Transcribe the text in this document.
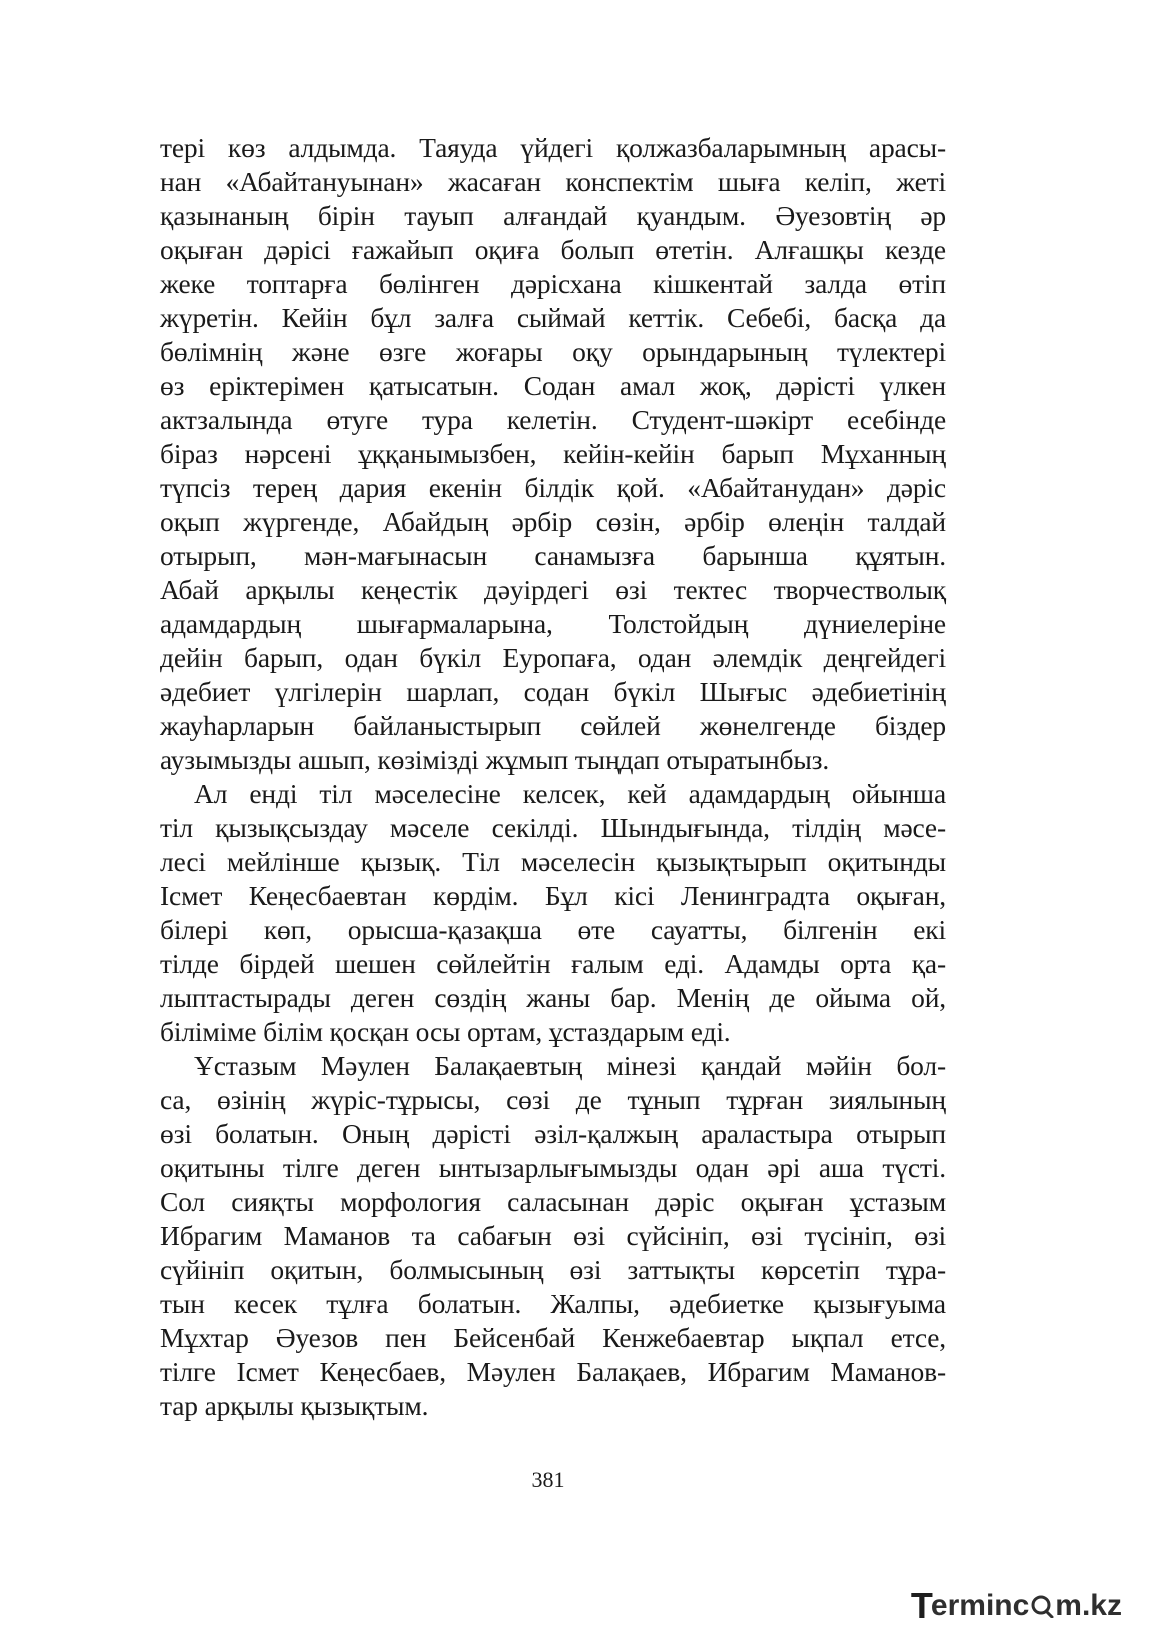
тері көз алдымда. Таяуда үйдегі қолжазбаларымның арасы-
нан «Абайтануынан» жасаған конспектім шыға келіп, жеті
қазынаның бірін тауып алғандай қуандым. Әуезовтің әр
оқыған дәрісі ғажайып оқиға болып өтетін. Алғашқы кезде
жеке топтарға бөлінген дәрісхана кішкентай залда өтіп
жүретін. Кейін бұл залға сыймай кеттік. Себебі, басқа да
бөлімнің және өзге жоғары оқу орындарының түлектері
өз еріктерімен қатысатын. Содан амал жоқ, дәрісті үлкен
актзалында өтуге тура келетін. Студент-шәкірт есебінде
біраз нәрсені ұққанымызбен, кейін-кейін барып Мұханның
түпсіз терең дария екенін білдік қой. «Абайтанудан» дәріс
оқып жүргенде, Абайдың әрбір сөзін, әрбір өлеңін талдай
отырып, мән-мағынасын санамызға барынша құятын.
Абай арқылы кеңестік дәуірдегі өзі тектес творчестволық
адамдардың шығармаларына, Толстойдың дүниелеріне
дейін барып, одан бүкіл Еуропаға, одан әлемдік деңгейдегі
әдебиет үлгілерін шарлап, содан бүкіл Шығыс әдебиетінің
жауһарларын байланыстырып сөйлей жөнелгенде біздер
аузымызды ашып, көзімізді жұмып тыңдап отыратынбыз.
Ал енді тіл мәселесіне келсек, кей адамдардың ойынша
тіл қызықсыздау мәселе секілді. Шындығында, тілдің мәсе-
лесі мейлінше қызық. Тіл мәселесін қызықтырып оқитынды
Ісмет Кеңесбаевтан көрдім. Бұл кісі Ленинградта оқыған,
білері көп, орысша-қазақша өте сауатты, білгенін екі
тілде бірдей шешен сөйлейтін ғалым еді. Адамды орта қа-
лыптастырады деген сөздің жаны бар. Менің де ойыма ой,
біліміме білім қосқан осы ортам, ұстаздарым еді.
Ұстазым Мәулен Балақаевтың мінезі қандай мәйін бол-
са, өзінің жүріс-тұрысы, сөзі де тұнып тұрған зиялының
өзі болатын. Оның дәрісті әзіл-қалжың араластыра отырып
оқитыны тілге деген ынтызарлығымызды одан әрі аша түсті.
Сол сияқты морфология саласынан дәріс оқыған ұстазым
Ибрагим Маманов та сабағын өзі сүйсініп, өзі түсініп, өзі
сүйініп оқитын, болмысының өзі заттықты көрсетіп тұра-
тын кесек тұлға болатын. Жалпы, әдебиетке қызығуыма
Мұхтар Әуезов пен Бейсенбай Кенжебаевтар ықпал етсе,
тілге Ісмет Кеңесбаев, Мәулен Балақаев, Ибрагим Маманов-
тар арқылы қызықтым.
381
T
ermin c m.kz
